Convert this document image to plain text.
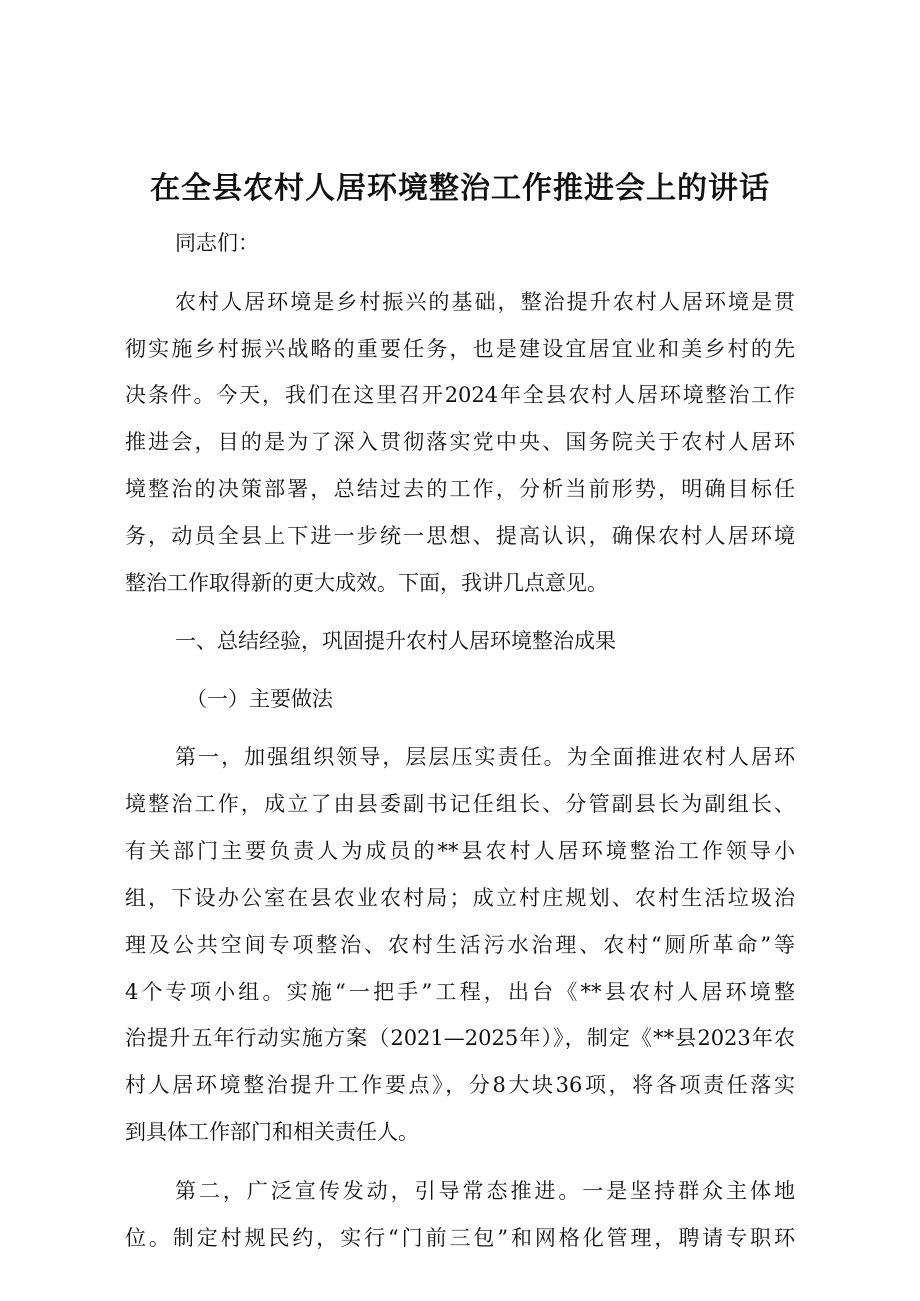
在全县农村人居环境整治工作推进会上的讲话

同志们：

农村人居环境是乡村振兴的基础，整治提升农村人居环境是贯

彻实施乡村振兴战略的重要任务，也是建设宜居宜业和美乡村的先

决条件。今天，我们在这里召开2024年全县农村人居环境整治工作

推进会，目的是为了深入贯彻落实党中央、国务院关于农村人居环

境整治的决策部署，总结过去的工作，分析当前形势，明确目标任

务，动员全县上下进一步统一思想、提高认识，确保农村人居环境

整治工作取得新的更大成效。下面，我讲几点意见。

一、总结经验，巩固提升农村人居环境整治成果

（一）主要做法

第一，加强组织领导，层层压实责任。为全面推进农村人居环

境整治工作，成立了由县委副书记任组长、分管副县长为副组长、

有关部门主要负责人为成员的**县农村人居环境整治工作领导小

组，下设办公室在县农业农村局；成立村庄规划、农村生活垃圾治

理及公共空间专项整治、农村生活污水治理、农村“厕所革命”等

4个专项小组。实施“一把手”工程，出台《**县农村人居环境整

治提升五年行动实施方案（2021—2025年）》，制定《**县2023年农

村人居环境整治提升工作要点》，分8大块36项，将各项责任落实

到具体工作部门和相关责任人。

第二，广泛宣传发动，引导常态推进。一是坚持群众主体地

位。制定村规民约，实行“门前三包”和网格化管理，聘请专职环
